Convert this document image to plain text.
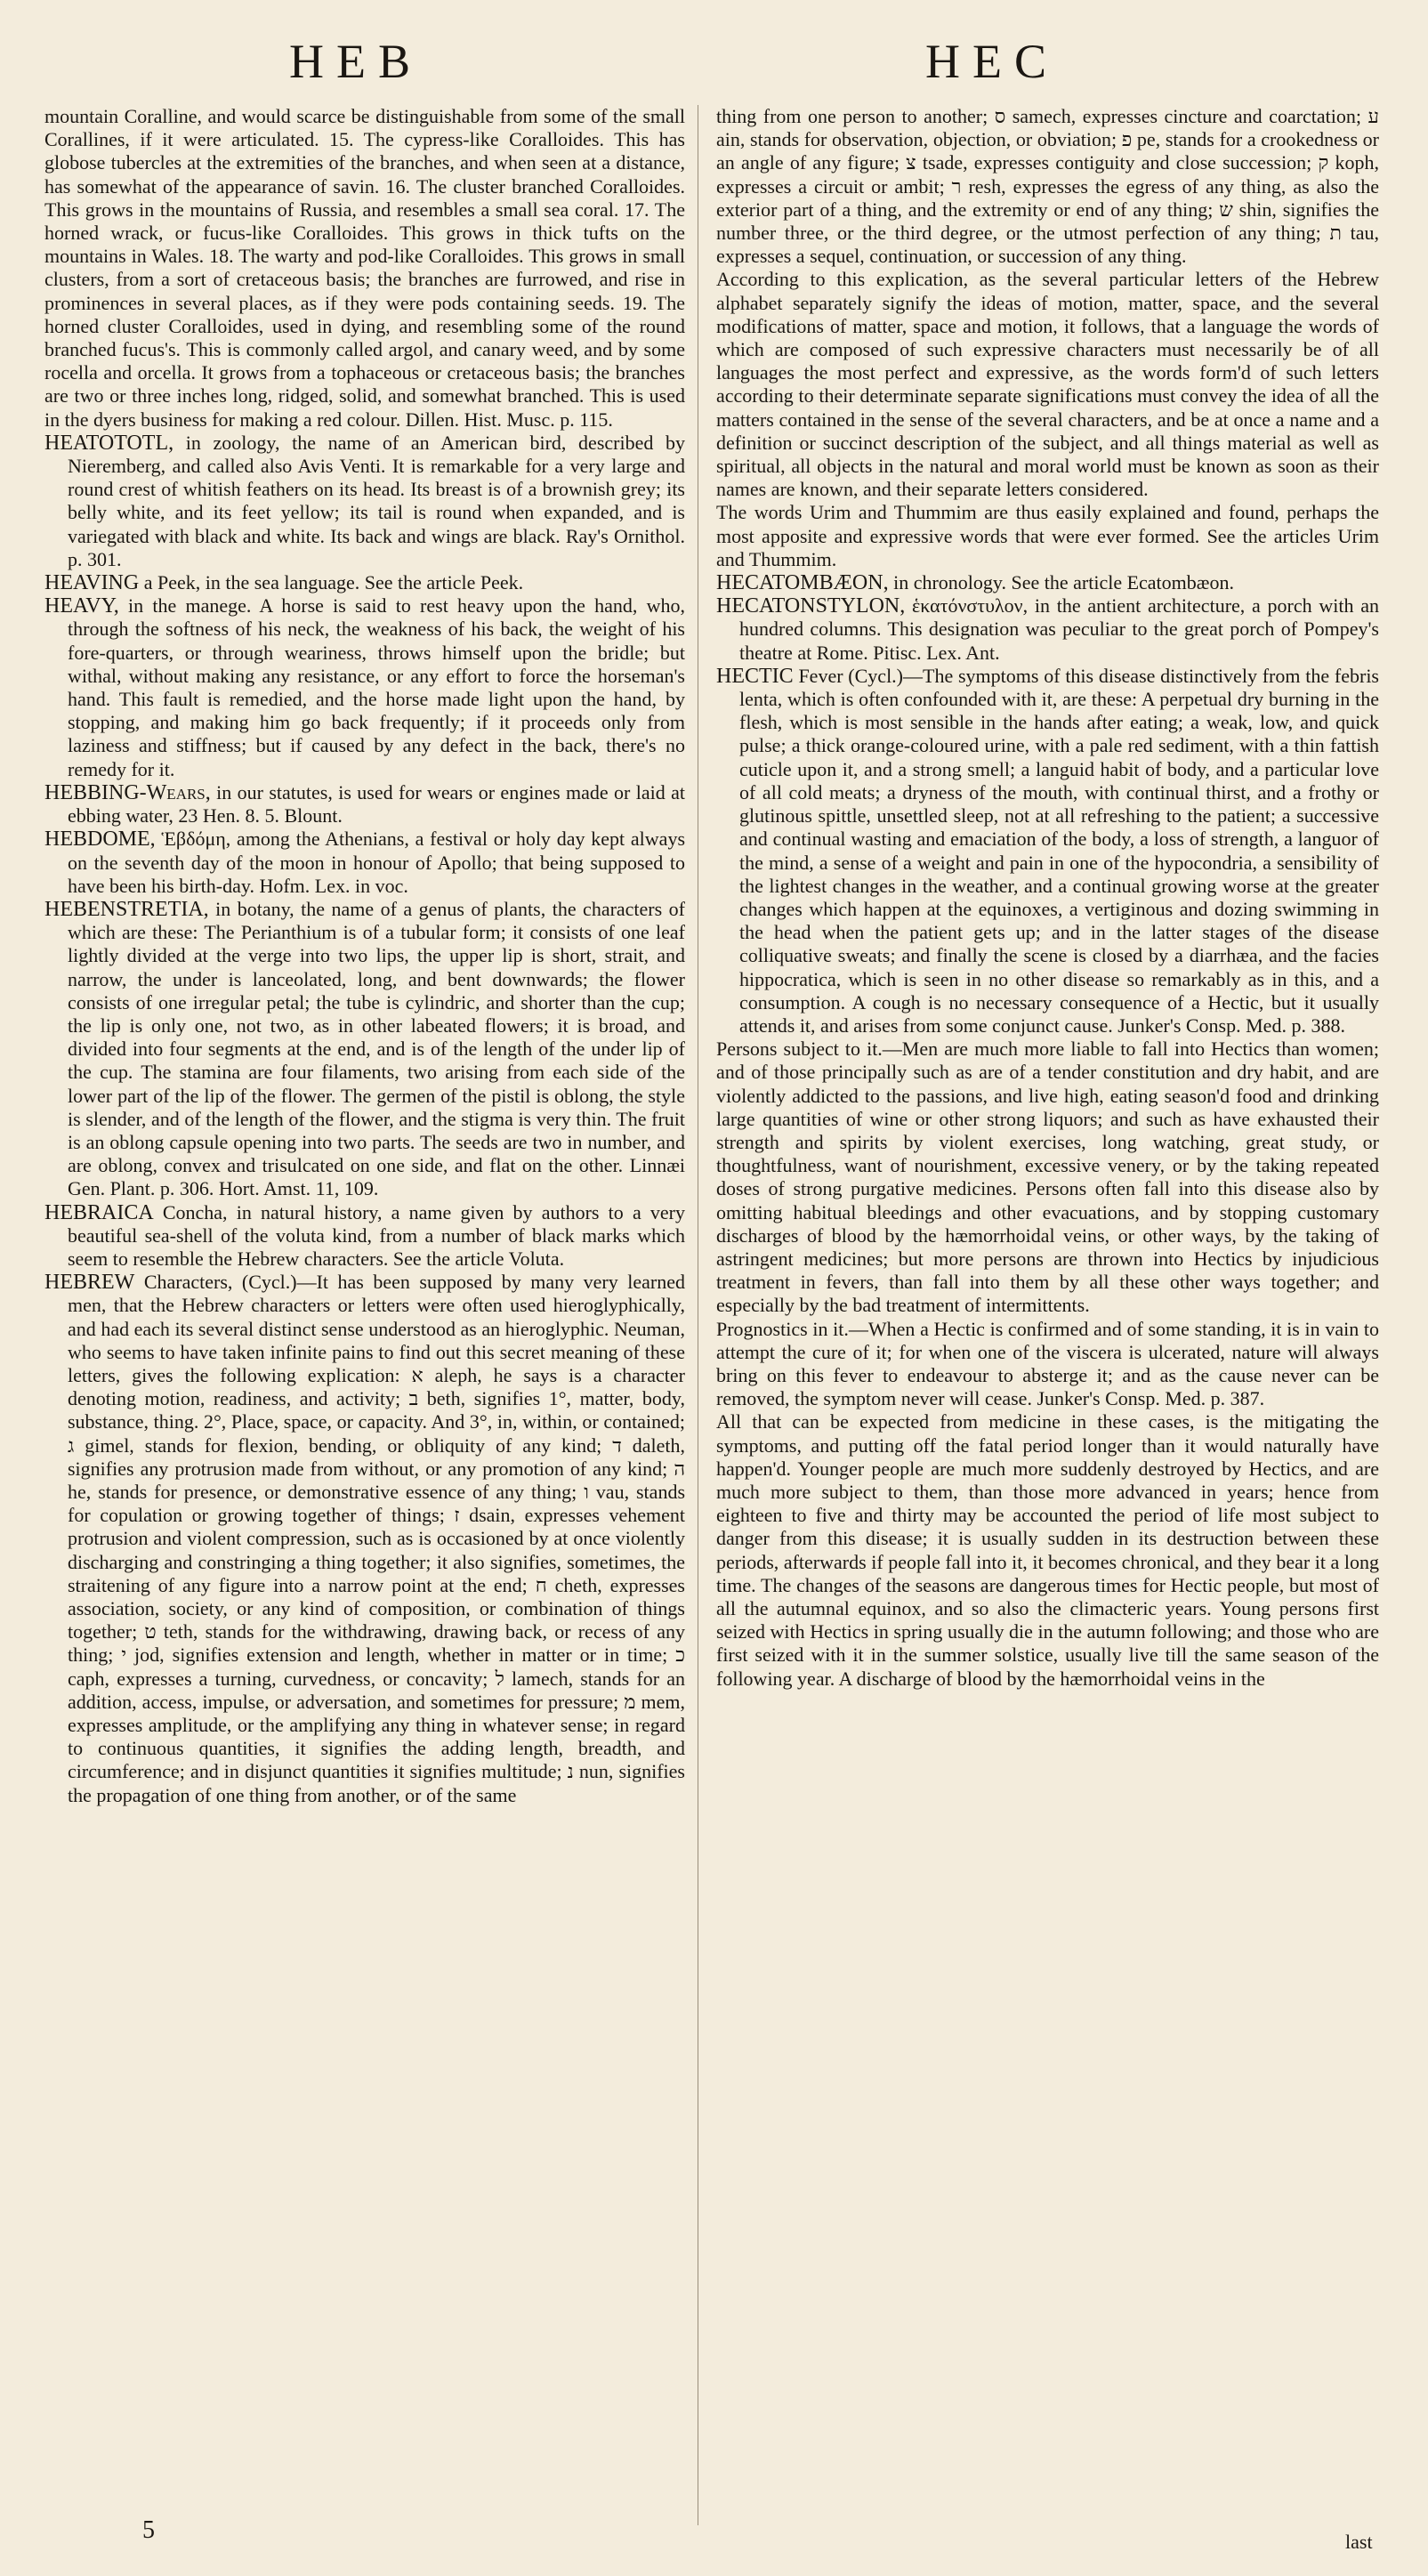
HEB	HEC

mountain Coralline, and would scarce be distinguishable from some of the small Corallines, if it were articulated. 15. The cypress-like Coralloides. This has globose tubercles at the extremities of the branches, and when seen at a distance, has somewhat of the appearance of savin. 16. The cluster branched Coralloides. This grows in the mountains of Russia, and resembles a small sea coral. 17. The horned wrack, or fucus-like Coralloides. This grows in thick tufts on the mountains in Wales. 18. The warty and pod-like Coralloides. This grows in small clusters, from a sort of cretaceous basis; the branches are furrowed, and rise in prominences in several places, as if they were pods containing seeds. 19. The horned cluster Coralloides, used in dying, and resembling some of the round branched fucus's. This is commonly called argol, and canary weed, and by some rocella and orcella. It grows from a tophaceous or cretaceous basis; the branches are two or three inches long, ridged, solid, and somewhat branched. This is used in the dyers business for making a red colour. Dillen. Hist. Musc. p. 115.

HEATOTOTL, in zoology, the name of an American bird, described by Nieremberg, and called also Avis Venti. It is remarkable for a very large and round crest of whitish feathers on its head. Its breast is of a brownish grey; its belly white, and its feet yellow; its tail is round when expanded, and is variegated with black and white. Its back and wings are black. Ray's Ornithol. p. 301.

HEAVING a Peek, in the sea language. See the article Peek.

HEAVY, in the manege. A horse is said to rest heavy upon the hand, who, through the softness of his neck, the weakness of his back, the weight of his fore-quarters, or through weariness, throws himself upon the bridle; but withal, without making any resistance, or any effort to force the horseman's hand. This fault is remedied, and the horse made light upon the hand, by stopping, and making him go back frequently; if it proceeds only from laziness and stiffness; but if caused by any defect in the back, there's no remedy for it.

HEBBING-Wears, in our statutes, is used for wears or engines made or laid at ebbing water, 23 Hen. 8. 5. Blount.

HEBDOME, Ἑβδόμη, among the Athenians, a festival or holy day kept always on the seventh day of the moon in honour of Apollo; that being supposed to have been his birth-day. Hofm. Lex. in voc.

HEBENSTRETIA, in botany, the name of a genus of plants, the characters of which are these: The Perianthium is of a tubular form; it consists of one leaf lightly divided at the verge into two lips, the upper lip is short, strait, and narrow, the under is lanceolated, long, and bent downwards; the flower consists of one irregular petal; the tube is cylindric, and shorter than the cup; the lip is only one, not two, as in other labeated flowers; it is broad, and divided into four segments at the end, and is of the length of the under lip of the cup. The stamina are four filaments, two arising from each side of the lower part of the lip of the flower. The germen of the pistil is oblong, the style is slender, and of the length of the flower, and the stigma is very thin. The fruit is an oblong capsule opening into two parts. The seeds are two in number, and are oblong, convex and trisulcated on one side, and flat on the other. Linnæi Gen. Plant. p. 306. Hort. Amst. 11, 109.

HEBRAICA Concha, in natural history, a name given by authors to a very beautiful sea-shell of the voluta kind, from a number of black marks which seem to resemble the Hebrew characters. See the article Voluta.

HEBREW Characters, (Cycl.)—It has been supposed by many very learned men, that the Hebrew characters or letters were often used hieroglyphically, and had each its several distinct sense understood as an hieroglyphic. Neuman, who seems to have taken infinite pains to find out this secret meaning of these letters, gives the following explication: א aleph, he says is a character denoting motion, readiness, and activity; ב beth, signifies 1°, matter, body, substance, thing. 2°, Place, space, or capacity. And 3°, in, within, or contained; ג gimel, stands for flexion, bending, or obliquity of any kind; ד daleth, signifies any protrusion made from without, or any promotion of any kind; ה he, stands for presence, or demonstrative essence of any thing; ו vau, stands for copulation or growing together of things; ז dsain, expresses vehement protrusion and violent compression, such as is occasioned by at once violently discharging and constringing a thing together; it also signifies, sometimes, the straitening of any figure into a narrow point at the end; ח cheth, expresses association, society, or any kind of composition, or combination of things together; ט teth, stands for the withdrawing, drawing back, or recess of any thing; י jod, signifies extension and length, whether in matter or in time; כ caph, expresses a turning, curvedness, or concavity; ל lamech, stands for an addition, access, impulse, or adversation, and sometimes for pressure; מ mem, expresses amplitude, or the amplifying any thing in whatever sense; in regard to continuous quantities, it signifies the adding length, breadth, and circumference; and in disjunct quantities it signifies multitude; נ nun, signifies the propagation of one thing from another, or of the same

thing from one person to another; ס samech, expresses cincture and coarctation; ע ain, stands for observation, objection, or obviation; פ pe, stands for a crookedness or an angle of any figure; צ tsade, expresses contiguity and close succession; ק koph, expresses a circuit or ambit; ר resh, expresses the egress of any thing, as also the exterior part of a thing, and the extremity or end of any thing; ש shin, signifies the number three, or the third degree, or the utmost perfection of any thing; ת tau, expresses a sequel, continuation, or succession of any thing.

According to this explication, as the several particular letters of the Hebrew alphabet separately signify the ideas of motion, matter, space, and the several modifications of matter, space and motion, it follows, that a language the words of which are composed of such expressive characters must necessarily be of all languages the most perfect and expressive, as the words form'd of such letters according to their determinate separate significations must convey the idea of all the matters contained in the sense of the several characters, and be at once a name and a definition or succinct description of the subject, and all things material as well as spiritual, all objects in the natural and moral world must be known as soon as their names are known, and their separate letters considered.

The words Urim and Thummim are thus easily explained and found, perhaps the most apposite and expressive words that were ever formed. See the articles Urim and Thummim.

HECATOMBÆON, in chronology. See the article Ecatombæon.

HECATONSTYLON, ἑκατόνστυλον, in the antient architecture, a porch with an hundred columns. This designation was peculiar to the great porch of Pompey's theatre at Rome. Pitisc. Lex. Ant.

HECTIC Fever (Cycl.)—The symptoms of this disease distinctively from the febris lenta, which is often confounded with it, are these: A perpetual dry burning in the flesh, which is most sensible in the hands after eating; a weak, low, and quick pulse; a thick orange-coloured urine, with a pale red sediment, with a thin fattish cuticle upon it, and a strong smell; a languid habit of body, and a particular love of all cold meats; a dryness of the mouth, with continual thirst, and a frothy or glutinous spittle, unsettled sleep, not at all refreshing to the patient; a successive and continual wasting and emaciation of the body, a loss of strength, a languor of the mind, a sense of a weight and pain in one of the hypocondria, a sensibility of the lightest changes in the weather, and a continual growing worse at the greater changes which happen at the equinoxes, a vertiginous and dozing swimming in the head when the patient gets up; and in the latter stages of the disease colliquative sweats; and finally the scene is closed by a diarrhæa, and the facies hippocratica, which is seen in no other disease so remarkably as in this, and a consumption. A cough is no necessary consequence of a Hectic, but it usually attends it, and arises from some conjunct cause. Junker's Consp. Med. p. 388.

Persons subject to it.—Men are much more liable to fall into Hectics than women; and of those principally such as are of a tender constitution and dry habit, and are violently addicted to the passions, and live high, eating season'd food and drinking large quantities of wine or other strong liquors; and such as have exhausted their strength and spirits by violent exercises, long watching, great study, or thoughtfulness, want of nourishment, excessive venery, or by the taking repeated doses of strong purgative medicines. Persons often fall into this disease also by omitting habitual bleedings and other evacuations, and by stopping customary discharges of blood by the hæmorrhoidal veins, or other ways, by the taking of astringent medicines; but more persons are thrown into Hectics by injudicious treatment in fevers, than fall into them by all these other ways together; and especially by the bad treatment of intermittents.

Prognostics in it.—When a Hectic is confirmed and of some standing, it is in vain to attempt the cure of it; for when one of the viscera is ulcerated, nature will always bring on this fever to endeavour to absterge it; and as the cause never can be removed, the symptom never will cease. Junker's Consp. Med. p. 387.

All that can be expected from medicine in these cases, is the mitigating the symptoms, and putting off the fatal period longer than it would naturally have happen'd. Younger people are much more suddenly destroyed by Hectics, and are much more subject to them, than those more advanced in years; hence from eighteen to five and thirty may be accounted the period of life most subject to danger from this disease; it is usually sudden in its destruction between these periods, afterwards if people fall into it, it becomes chronical, and they bear it a long time. The changes of the seasons are dangerous times for Hectic people, but most of all the autumnal equinox, and so also the climacteric years. Young persons first seized with Hectics in spring usually die in the autumn following; and those who are first seized with it in the summer solstice, usually live till the same season of the following year. A discharge of blood by the hæmorrhoidal veins in the

5	last
